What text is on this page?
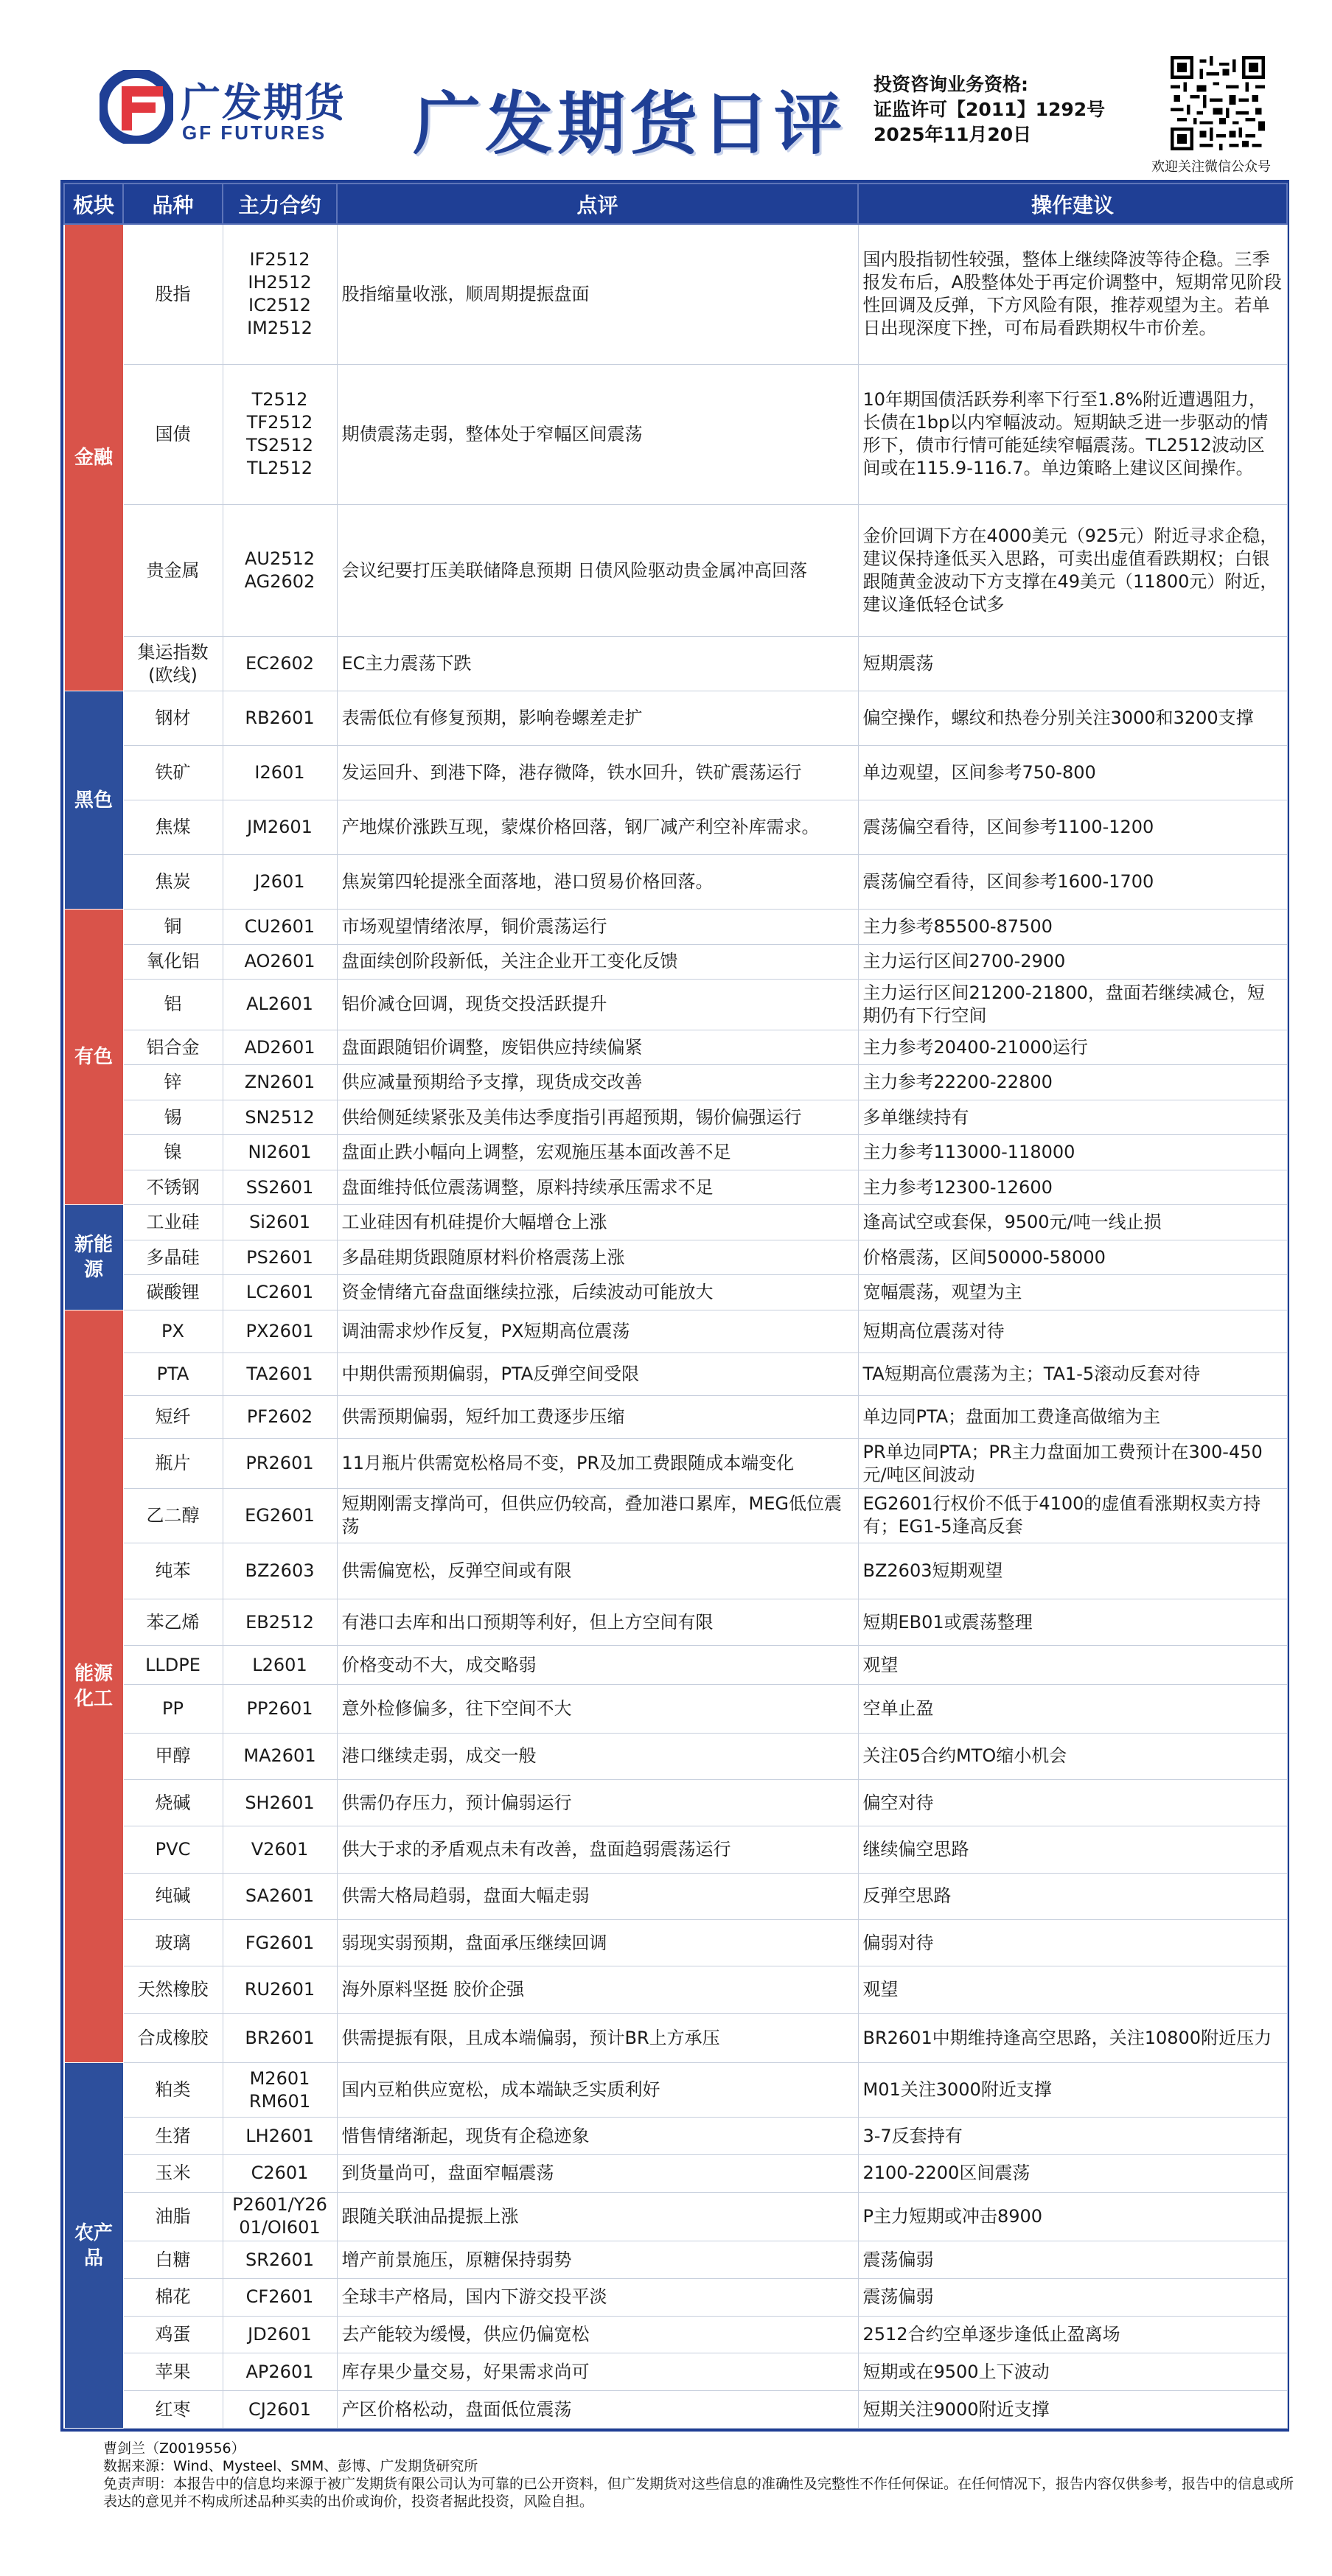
广发期货
GF FUTURES 广发期货日评
投资咨询业务资格:
证监许可【2011】1292号
2025年11月20日
欢迎关注微信公众号
板块	品种	主力合约	点评	操作建议
金融	股指	IF2512
IH2512
IC2512
IM2512	股指缩量收涨，顺周期提振盘面	国内股指韧性较强，整体上继续降波等待企稳。三季报发布后，A股整体处于再定价调整中，短期常见阶段性回调及反弹，下方风险有限，推荐观望为主。若单日出现深度下挫，可布局看跌期权牛市价差。
	国债	T2512
TF2512
TS2512
TL2512	期债震荡走弱，整体处于窄幅区间震荡	10年期国债活跃券利率下行至1.8%附近遭遇阻力，长债在1bp以内窄幅波动。短期缺乏进一步驱动的情形下，债市行情可能延续窄幅震荡。TL2512波动区间或在115.9-116.7。单边策略上建议区间操作。
	贵金属	AU2512
AG2602	会议纪要打压美联储降息预期 日债风险驱动贵金属冲高回落	金价回调下方在4000美元（925元）附近寻求企稳，建议保持逢低买入思路，可卖出虚值看跌期权；白银跟随黄金波动下方支撑在49美元（11800元）附近，建议逢低轻仓试多
	集运指数
(欧线)	EC2602	EC主力震荡下跌	短期震荡
黑色	钢材	RB2601	表需低位有修复预期，影响卷螺差走扩	偏空操作，螺纹和热卷分别关注3000和3200支撑
	铁矿	I2601	发运回升、到港下降，港存微降，铁水回升，铁矿震荡运行	单边观望，区间参考750-800
	焦煤	JM2601	产地煤价涨跌互现，蒙煤价格回落，钢厂减产利空补库需求。	震荡偏空看待，区间参考1100-1200
	焦炭	J2601	焦炭第四轮提涨全面落地，港口贸易价格回落。	震荡偏空看待，区间参考1600-1700
有色	铜	CU2601	市场观望情绪浓厚，铜价震荡运行	主力参考85500-87500
	氧化铝	AO2601	盘面续创阶段新低，关注企业开工变化反馈	主力运行区间2700-2900
	铝	AL2601	铝价减仓回调，现货交投活跃提升	主力运行区间21200-21800，盘面若继续减仓，短期仍有下行空间
	铝合金	AD2601	盘面跟随铝价调整，废铝供应持续偏紧	主力参考20400-21000运行
	锌	ZN2601	供应减量预期给予支撑，现货成交改善	主力参考22200-22800
	锡	SN2512	供给侧延续紧张及美伟达季度指引再超预期，锡价偏强运行	多单继续持有
	镍	NI2601	盘面止跌小幅向上调整，宏观施压基本面改善不足	主力参考113000-118000
	不锈钢	SS2601	盘面维持低位震荡调整，原料持续承压需求不足	主力参考12300-12600
新能源	工业硅	Si2601	工业硅因有机硅提价大幅增仓上涨	逢高试空或套保，9500元/吨一线止损
	多晶硅	PS2601	多晶硅期货跟随原材料价格震荡上涨	价格震荡，区间50000-58000
	碳酸锂	LC2601	资金情绪亢奋盘面继续拉涨，后续波动可能放大	宽幅震荡，观望为主
能源
化工	PX	PX2601	调油需求炒作反复，PX短期高位震荡	短期高位震荡对待
	PTA	TA2601	中期供需预期偏弱，PTA反弹空间受限	TA短期高位震荡为主；TA1-5滚动反套对待
	短纤	PF2602	供需预期偏弱，短纤加工费逐步压缩	单边同PTA；盘面加工费逢高做缩为主
	瓶片	PR2601	11月瓶片供需宽松格局不变，PR及加工费跟随成本端变化	PR单边同PTA；PR主力盘面加工费预计在300-450元/吨区间波动
	乙二醇	EG2601	短期刚需支撑尚可，但供应仍较高，叠加港口累库，MEG低位震荡	EG2601行权价不低于4100的虚值看涨期权卖方持有；EG1-5逢高反套
	纯苯	BZ2603	供需偏宽松，反弹空间或有限	BZ2603短期观望
	苯乙烯	EB2512	有港口去库和出口预期等利好，但上方空间有限	短期EB01或震荡整理
	LLDPE	L2601	价格变动不大，成交略弱	观望
	PP	PP2601	意外检修偏多，往下空间不大	空单止盈
	甲醇	MA2601	港口继续走弱，成交一般	关注05合约MTO缩小机会
	烧碱	SH2601	供需仍存压力，预计偏弱运行	偏空对待
	PVC	V2601	供大于求的矛盾观点未有改善，盘面趋弱震荡运行	继续偏空思路
	纯碱	SA2601	供需大格局趋弱，盘面大幅走弱	反弹空思路
	玻璃	FG2601	弱现实弱预期，盘面承压继续回调	偏弱对待
	天然橡胶	RU2601	海外原料坚挺 胶价企强	观望
	合成橡胶	BR2601	供需提振有限，且成本端偏弱，预计BR上方承压	BR2601中期维持逢高空思路，关注10800附近压力
农产品	粕类	M2601
RM601	国内豆粕供应宽松，成本端缺乏实质利好	M01关注3000附近支撑
	生猪	LH2601	惜售情绪渐起，现货有企稳迹象	3-7反套持有
	玉米	C2601	到货量尚可，盘面窄幅震荡	2100-2200区间震荡
	油脂	P2601/Y26
01/OI601	跟随关联油品提振上涨	P主力短期或冲击8900
	白糖	SR2601	增产前景施压，原糖保持弱势	震荡偏弱
	棉花	CF2601	全球丰产格局，国内下游交投平淡	震荡偏弱
	鸡蛋	JD2601	去产能较为缓慢，供应仍偏宽松	2512合约空单逐步逢低止盈离场
	苹果	AP2601	库存果少量交易，好果需求尚可	短期或在9500上下波动
	红枣	CJ2601	产区价格松动，盘面低位震荡	短期关注9000附近支撑
曹剑兰（Z0019556）
数据来源：Wind、Mysteel、SMM、彭博、广发期货研究所
免责声明：本报告中的信息均来源于被广发期货有限公司认为可靠的已公开资料，但广发期货对这些信息的准确性及完整性不作任何保证。在任何情况下，报告内容仅供参考，报告中的信息或所表达的意见并不构成所述品种买卖的出价或询价，投资者据此投资，风险自担。
